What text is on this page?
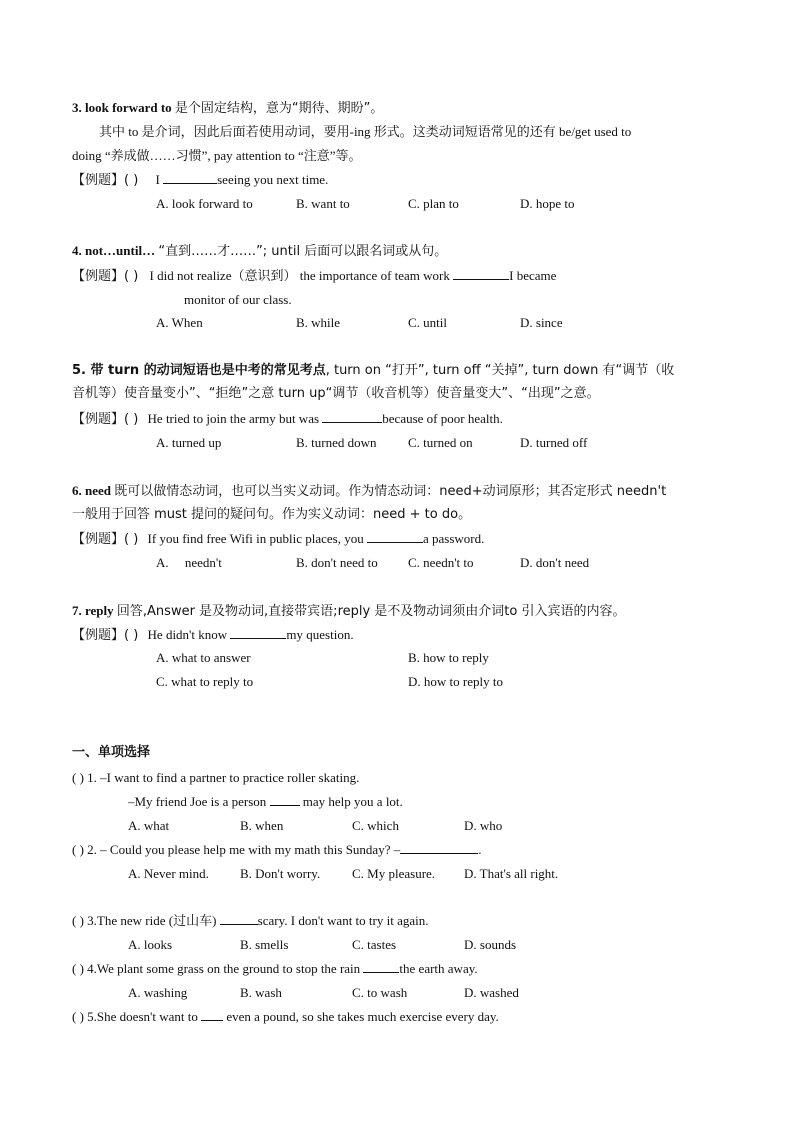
3. look forward to 是个固定结构，意为“期待、期盼”。
其中 to 是介词，因此后面若使用动词，要用-ing 形式。这类动词短语常见的还有 be/get used to
doing “养成做……习惯”, pay attention to “注意”等。
【例题】( ) I	seeing you next time.
A. look forward to	B. want to	C. plan to	D. hope to
4. not…until… “直到……才……”; until 后面可以跟名词或从句。
【例题】( ) I did not realize（意识到） the importance of team work	I became
monitor of our class.
A. When	B. while	C. until	D. since
5. 带 turn 的动词短语也是中考的常见考点, turn on “打开”, turn off “关掉”, turn down 有“调节（收
音机等）使音量变小”、“拒绝”之意 turn up“调节（收音机等）使音量变大”、“出现”之意。
【例题】( ) He tried to join the army but was	because of poor health.
A. turned up	B. turned down C. turned on	D. turned off
6. need 既可以做情态动词，也可以当实义动词。作为情态动词：need+动词原形；其否定形式 needn't
一般用于回答 must 提问的疑问句。作为实义动词：need + to do。
【例题】( ) If you find free Wifi in public places, you	a password.
A.     needn't	B. don't need to C. needn't to	D. don't need
7. reply 回答,Answer 是及物动词,直接带宾语;reply 是不及物动词须由介词to 引入宾语的内容。
【例题】( ) He didn't know	my question.
A. what to answer	B. how to reply
C. what to reply to	D. how to reply to
一、单项选择
( ) 1. –I want to find a partner to practice roller skating.
–My friend Joe is a person	may help you a lot.
A. what	B. when	C. which	D. who
( ) 2. – Could you please help me with my math this Sunday? –	.
A. Never mind. B. Don't worry. C. My pleasure. D. That's all right.
( ) 3.The new ride (过山车)	scary. I don't want to try it again.
A. looks	B. smells	C. tastes	D. sounds
( ) 4.We plant some grass on the ground to stop the rain	the earth away.
A. washing	B. wash	C. to wash	D. washed
( ) 5.She doesn't want to even a pound, so she takes much exercise every day.
